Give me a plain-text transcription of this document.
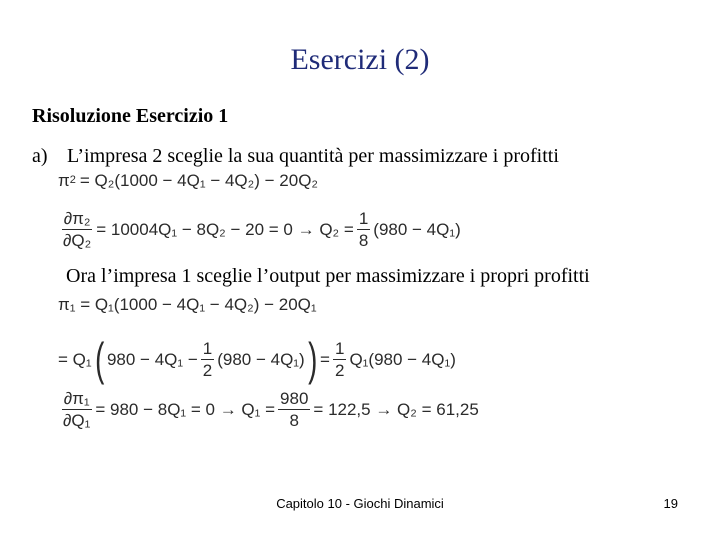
Esercizi (2)
Risoluzione Esercizio 1
a) L’impresa 2 sceglie la sua quantità per massimizzare i profitti
π 2 = Q₂(1000 − 4Q₁ − 4Q₂) − 20Q₂
$\frac{\text{∂π₂}}{\text{∂Q₂}} = 10004Q_1 - 8Q_2 - 20 = 0 \to Q_2 = \frac{1}{8} (980 - 4Q_1)$
Ora l’impresa 1 sceglie l’output per massimizzare i propri profitti
π₁ = Q₁(1000 − 4Q₁ − 4Q₂) − 20Q₁
= Q₁ ( $980 - 4Q_1 - \frac{1}{2} (980 - 4Q_1)$ ) = $\frac{1}{2} Q_1(980 - 4Q_1)$
$\frac{\text{∂π₁}}{\text{∂Q₁}} = 980 - 8Q_1 = 0 \to Q_1 = \frac{980}{8} = 122,5 \to Q_2 = 61,25$
Capitolo 10 - Giochi Dinamici	19
